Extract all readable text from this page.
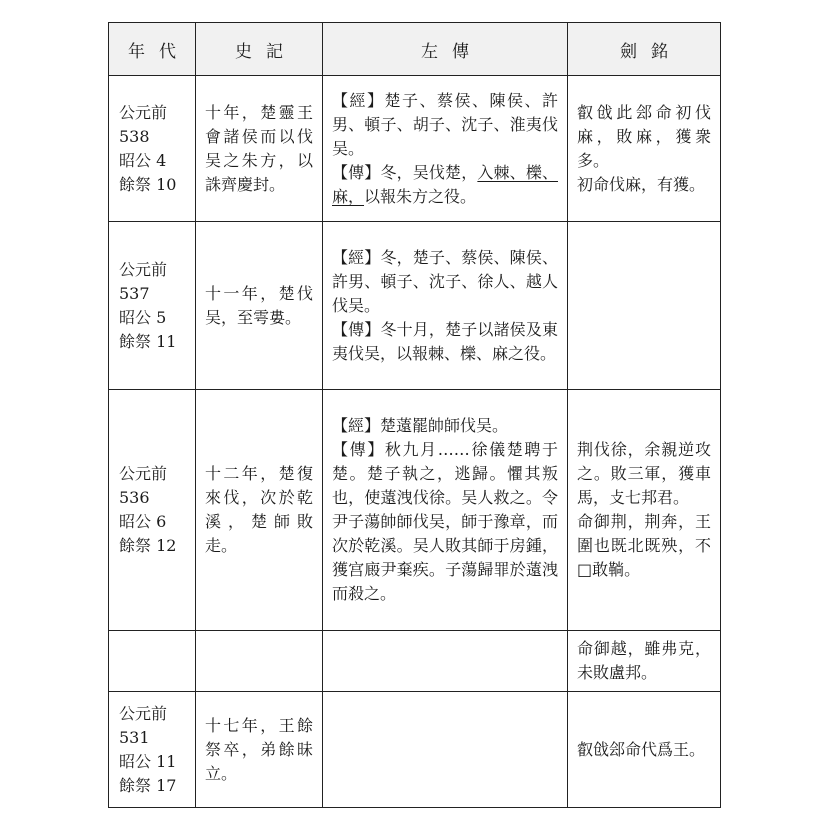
年代	史記	左傳	劍銘

公元前
538
昭公 4
餘祭 10	十年，楚靈王會諸侯而以伐吴之朱方，以誅齊慶封。	【經】楚子、蔡侯、陳侯、許男、頓子、胡子、沈子、淮夷伐吴。
【傳】冬，吴伐楚，入棘、櫟、麻，以報朱方之役。	叡戗此郐命初伐麻，敗麻，獲衆多。
初命伐麻，有獲。

公元前
537
昭公 5
餘祭 11	十一年，楚伐吴，至雩婁。	【經】冬，楚子、蔡侯、陳侯、許男、頓子、沈子、徐人、越人伐吴。
【傳】冬十月，楚子以諸侯及東夷伐吴，以報棘、櫟、麻之役。	

公元前
536
昭公 6
餘祭 12	十二年，楚復來伐，次於乾溪，楚師敗走。	【經】楚薳罷帥師伐吴。
【傳】秋九月……徐儀楚聘于楚。楚子執之，逃歸。懼其叛也，使薳洩伐徐。吴人救之。令尹子蕩帥師伐吴，師于豫章，而次於乾溪。吴人敗其師于房鍾，獲宫廄尹棄疾。子蕩歸罪於薳洩而殺之。	荆伐徐，余親逆攻之。敗三軍，獲車馬，攴七邦君。
命御荆，荆奔，王圍也既北既殃，不□敢鞝。

			命御越，雖弗克，未敗盧邦。

公元前
531
昭公 11
餘祭 17	十七年，王餘祭卒，弟餘昧立。		叡戗郐命代爲王。
